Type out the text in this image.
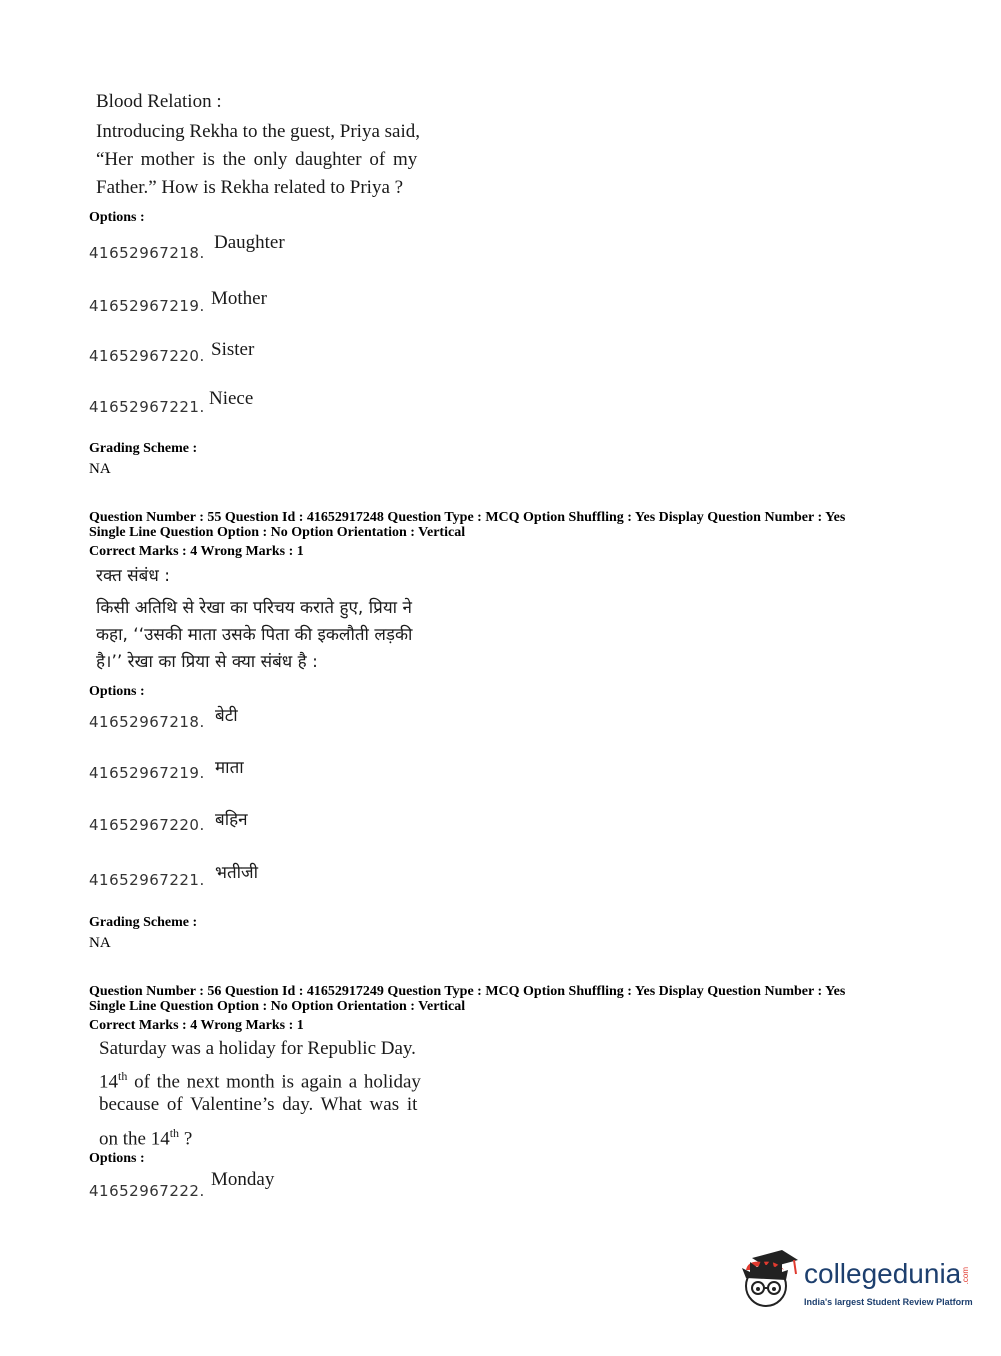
Blood Relation :
Introducing Rekha to the guest, Priya said,
“Her mother is the only daughter of my
Father.” How is Rekha related to Priya ?
Options :
41652967218. Daughter
41652967219. Mother
41652967220. Sister
41652967221. Niece
Grading Scheme :
NA
Question Number : 55 Question Id : 41652917248 Question Type : MCQ Option Shuffling : Yes Display Question Number : Yes
Single Line Question Option : No Option Orientation : Vertical
Correct Marks : 4 Wrong Marks : 1
रक्त संबंध :
किसी अतिथि से रेखा का परिचय कराते हुए, प्रिया ने
कहा, ‘‘उसकी माता उसके पिता की इकलौती लड़की
है।’’ रेखा का प्रिया से क्या संबंध है :
Options :
41652967218. बेटी
41652967219. माता
41652967220. बहिन
41652967221. भतीजी
Grading Scheme :
NA
Question Number : 56 Question Id : 41652917249 Question Type : MCQ Option Shuffling : Yes Display Question Number : Yes
Single Line Question Option : No Option Orientation : Vertical
Correct Marks : 4 Wrong Marks : 1
Saturday was a holiday for Republic Day.
14th of the next month is again a holiday
because of Valentine’s day. What was it
on the 14th ?
Options :
41652967222.
Monday
collegedunia.com
India's largest Student Review Platform
